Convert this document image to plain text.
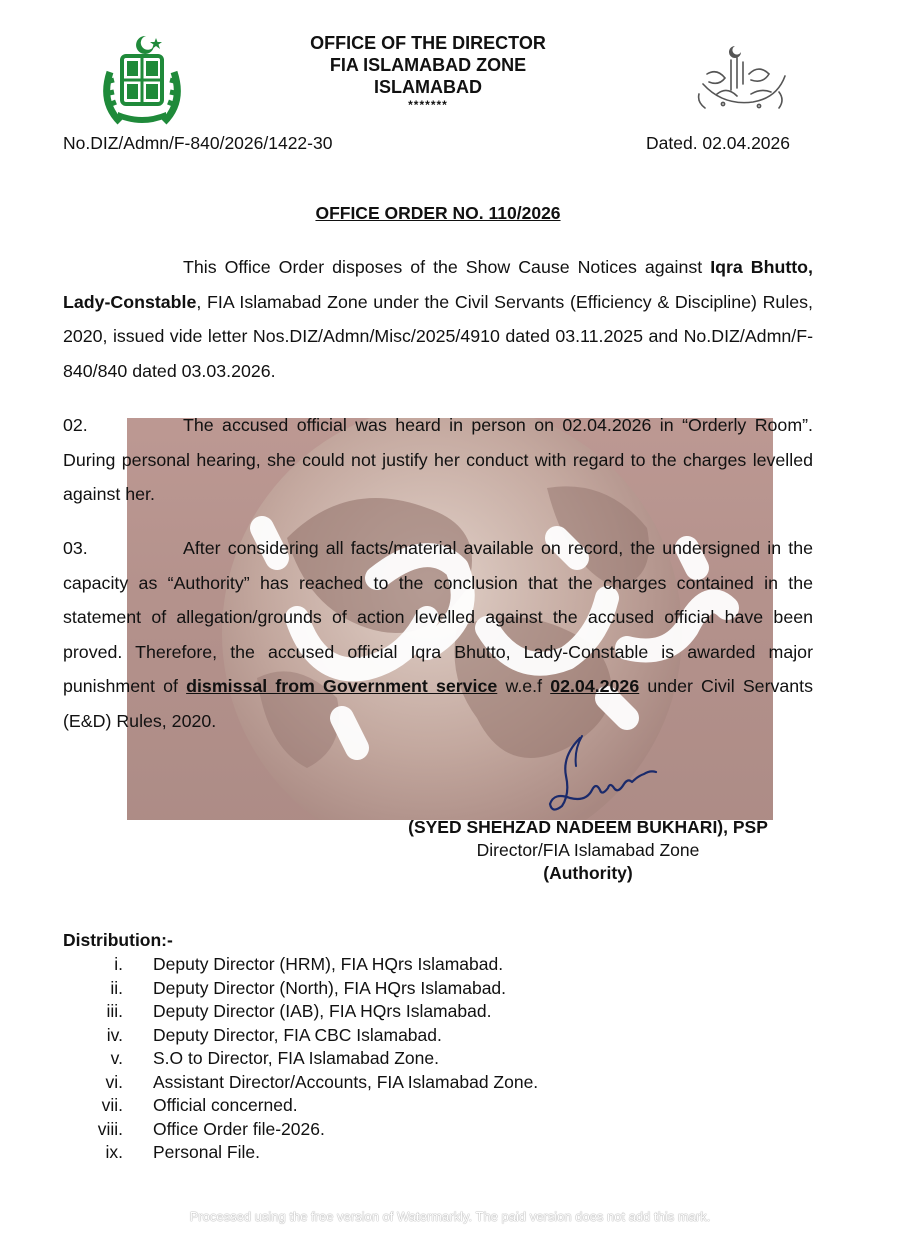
OFFICE OF THE DIRECTOR
FIA ISLAMABAD ZONE
ISLAMABAD
*******
No.DIZ/Admn/F-840/2026/1422-30	Dated. 02.04.2026
OFFICE ORDER NO. 110/2026
This Office Order disposes of the Show Cause Notices against Iqra Bhutto, Lady-Constable, FIA Islamabad Zone under the Civil Servants (Efficiency & Discipline) Rules, 2020, issued vide letter Nos.DIZ/Admn/Misc/2025/4910 dated 03.11.2025 and No.DIZ/Admn/F-840/840 dated 03.03.2026.
02.	The accused official was heard in person on 02.04.2026 in “Orderly Room”. During personal hearing, she could not justify her conduct with regard to the charges levelled against her.
03.	After considering all facts/material available on record, the undersigned in the capacity as “Authority” has reached to the conclusion that the charges contained in the statement of allegation/grounds of action levelled against the accused official have been proved. Therefore, the accused official Iqra Bhutto, Lady-Constable is awarded major punishment of dismissal from Government service w.e.f 02.04.2026 under Civil Servants (E&D) Rules, 2020.
(SYED SHEHZAD NADEEM BUKHARI), PSP
Director/FIA Islamabad Zone
(Authority)
Distribution:-
i.	Deputy Director (HRM), FIA HQrs Islamabad.
ii.	Deputy Director (North), FIA HQrs Islamabad.
iii.	Deputy Director (IAB), FIA HQrs Islamabad.
iv.	Deputy Director, FIA CBC Islamabad.
v.	S.O to Director, FIA Islamabad Zone.
vi.	Assistant Director/Accounts, FIA Islamabad Zone.
vii.	Official concerned.
viii.	Office Order file-2026.
ix.	Personal File.
Processed using the free version of Watermarkly. The paid version does not add this mark.
